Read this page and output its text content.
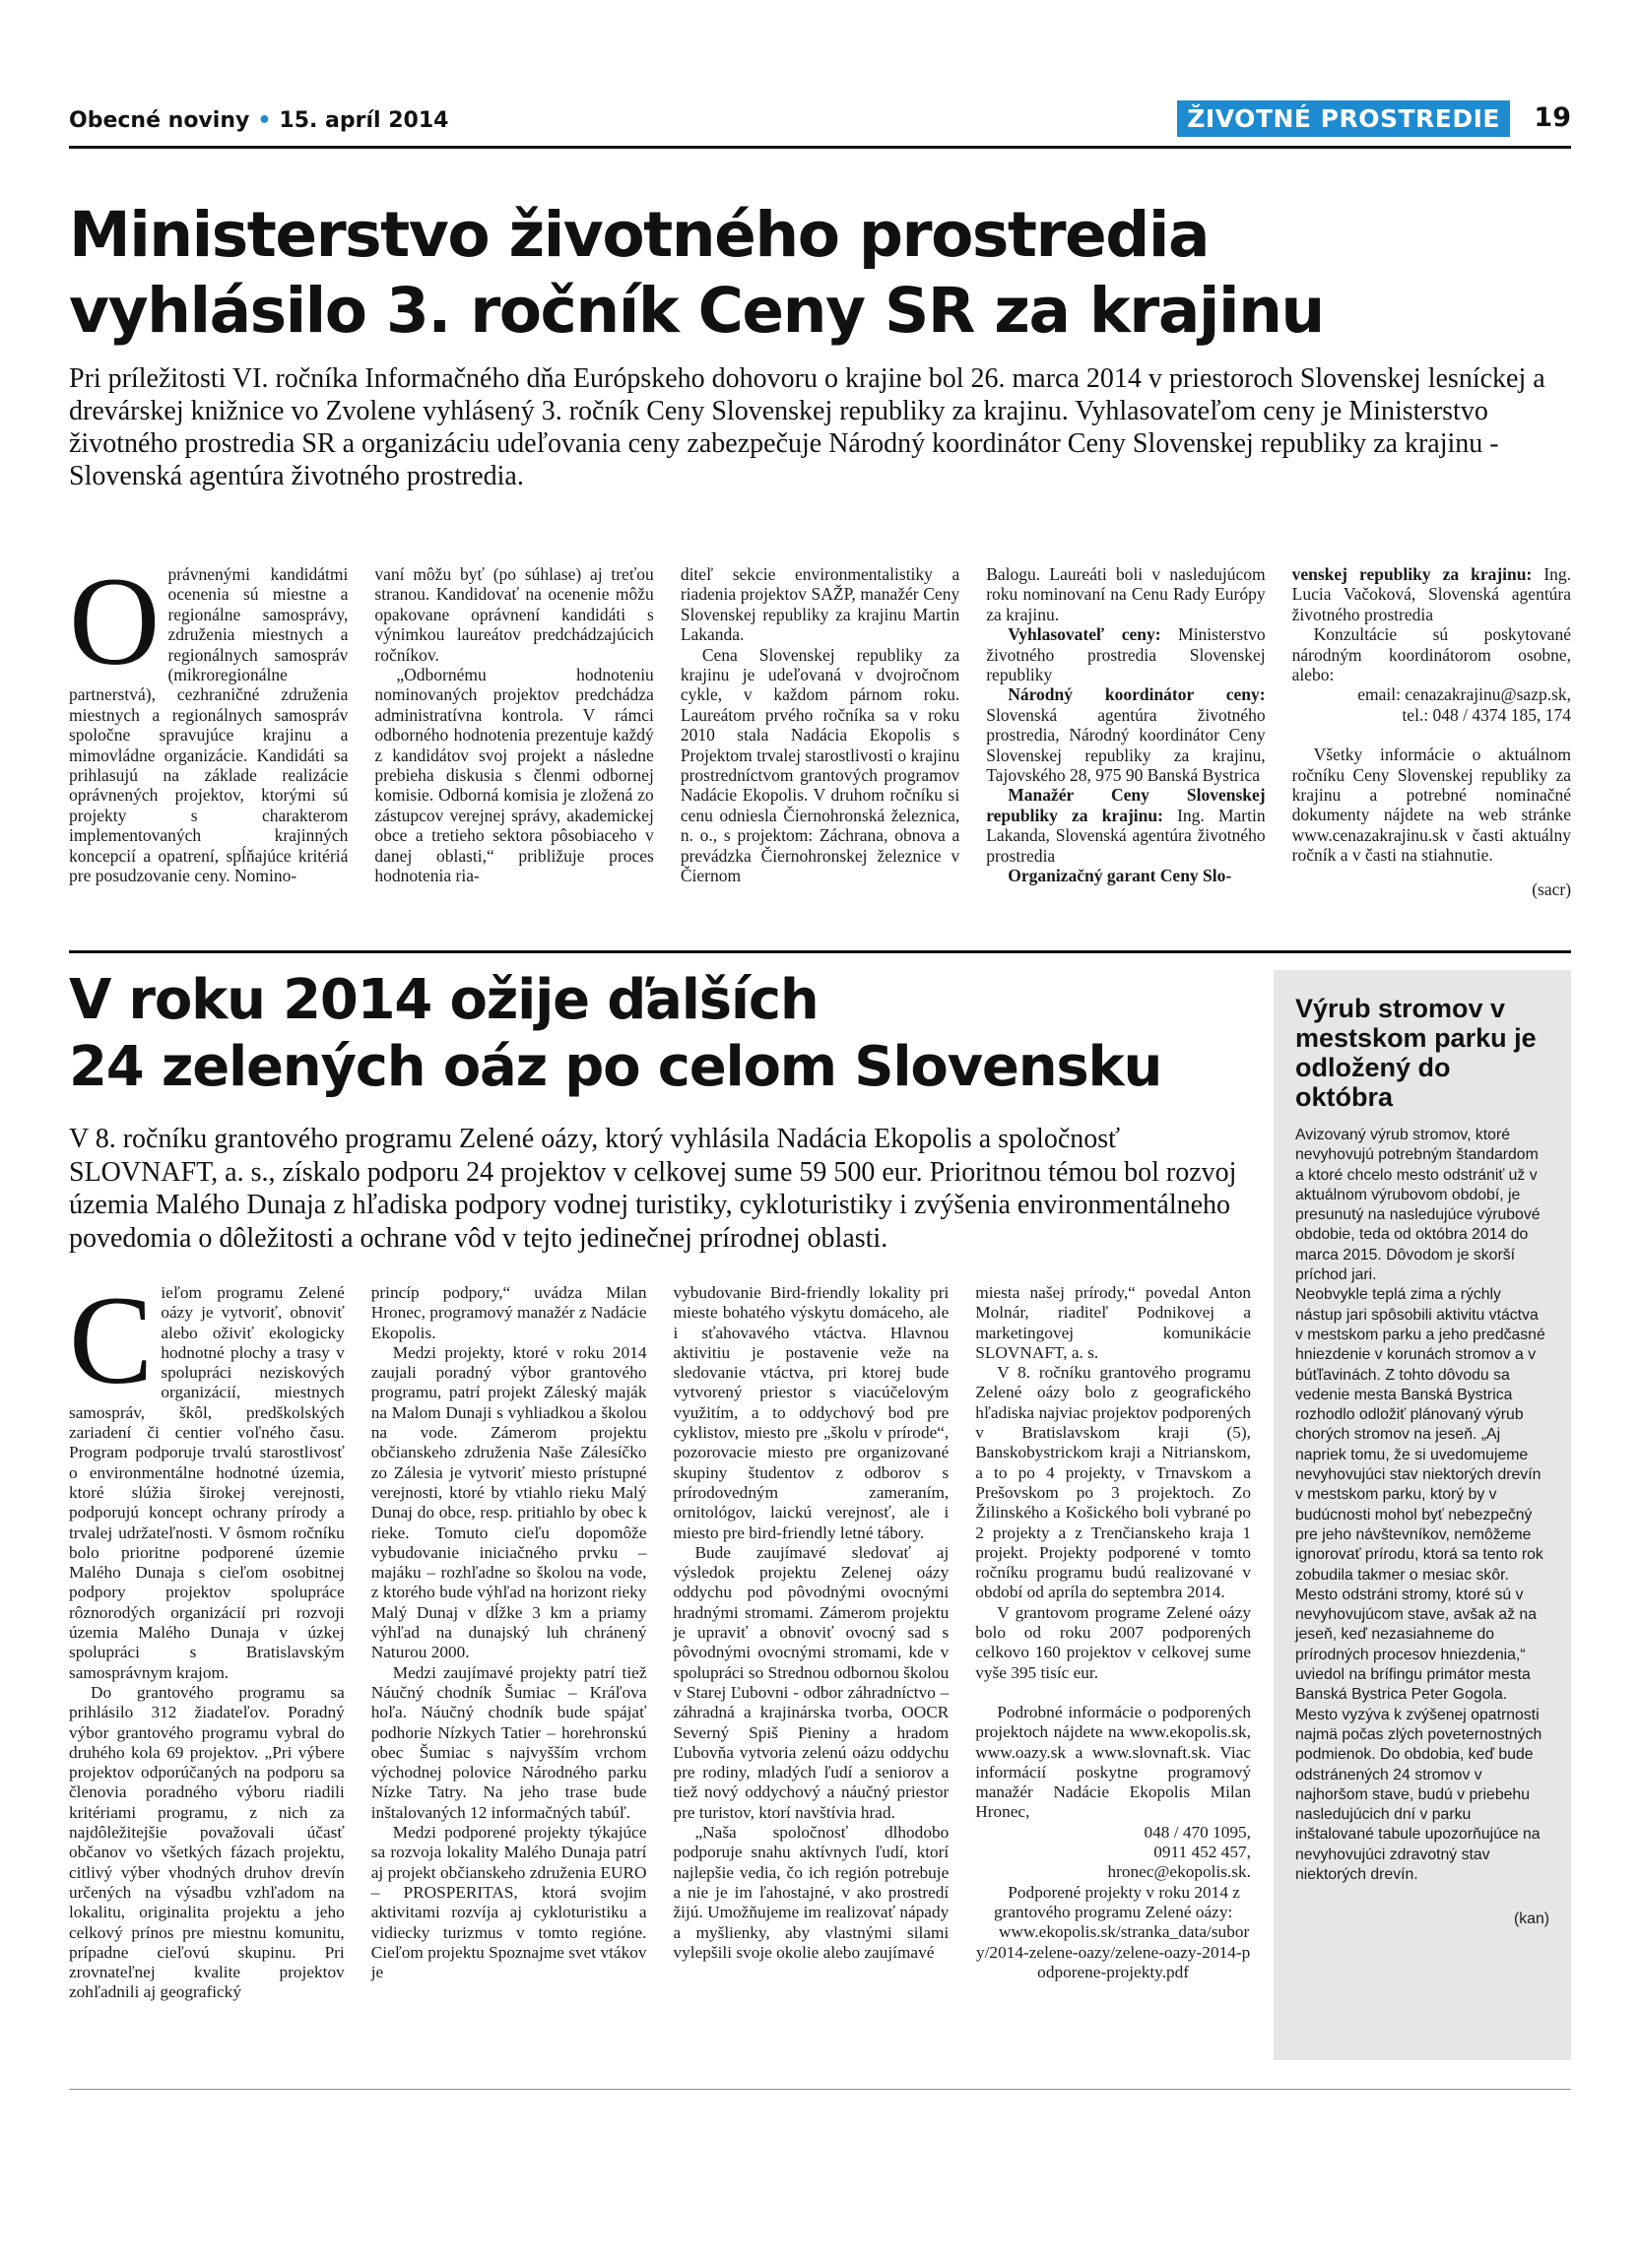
Obecné noviny • 15. apríl 2014	ŽIVOTNÉ PROSTREDIE	19
Ministerstvo životného prostredia
vyhlásilo 3. ročník Ceny SR za krajinu

Pri príležitosti VI. ročníka Informačného dňa Európskeho dohovoru o krajine bol 26. marca 2014 v priestoroch Slovenskej lesníckej a drevárskej knižnice vo Zvolene vyhlásený 3. ročník Ceny Slovenskej republiky za krajinu. Vyhlasovateľom ceny je Ministerstvo životného prostredia SR a organizáciu udeľovania ceny zabezpečuje Národný koordinátor Ceny Slovenskej republiky za krajinu - Slovenská agentúra životného prostredia.

O právnenými kandidátmi ocenenia sú miestne a regionálne samosprávy, združenia miestnych a regionálnych samospráv (mikroregionálne partnerstvá), cezhraničné združenia miestnych a regionálnych samospráv spoločne spravujúce krajinu a mimovládne organizácie. Kandidáti sa prihlasujú na základe realizácie oprávnených projektov, ktorými sú projekty s charakterom implementovaných krajinných koncepcií a opatrení, spĺňajúce kritériá pre posudzovanie ceny. Nomino-

vaní môžu byť (po súhlase) aj treťou stranou. Kandidovať na ocenenie môžu opakovane oprávnení kandidáti s výnimkou laureátov predchádzajúcich ročníkov.

„Odbornému hodnoteniu nominovaných projektov predchádza administratívna kontrola. V rámci odborného hodnotenia prezentuje každý z kandidátov svoj projekt a následne prebieha diskusia s členmi odbornej komisie. Odborná komisia je zložená zo zástupcov verejnej správy, akademickej obce a tretieho sektora pôsobiaceho v danej oblasti,“ približuje proces hodnotenia ria-

diteľ sekcie environmentalistiky a riadenia projektov SAŽP, manažér Ceny Slovenskej republiky za krajinu Martin Lakanda.

Cena Slovenskej republiky za krajinu je udeľovaná v dvojročnom cykle, v každom párnom roku. Laureátom prvého ročníka sa v roku 2010 stala Nadácia Ekopolis s Projektom trvalej starostlivosti o krajinu prostredníctvom grantových programov Nadácie Ekopolis. V druhom ročníku si cenu odniesla Čiernohronská železnica, n. o., s projektom: Záchrana, obnova a prevádzka Čiernohronskej železnice v Čiernom

Balogu. Laureáti boli v nasledujúcom roku nominovaní na Cenu Rady Európy za krajinu.

Vyhlasovateľ ceny: Ministerstvo životného prostredia Slovenskej republiky

Národný koordinátor ceny: Slovenská agentúra životného prostredia, Národný koordinátor Ceny Slovenskej republiky za krajinu, Tajovského 28, 975 90 Banská Bystrica

Manažér Ceny Slovenskej republiky za krajinu: Ing. Martin Lakanda, Slovenská agentúra životného prostredia

Organizačný garant Ceny Slo-

venskej republiky za krajinu: Ing. Lucia Vačoková, Slovenská agentúra životného prostredia

Konzultácie sú poskytované národným koordinátorom osobne, alebo:

email: cenazakrajinu@sazp.sk,

tel.: 048 / 4374 185, 174

Všetky informácie o aktuálnom ročníku Ceny Slovenskej republiky za krajinu a potrebné nominačné dokumenty nájdete na web stránke www.cenazakrajinu.sk v časti aktuálny ročník a v časti na stiahnutie.

(sacr)

V roku 2014 ožije ďalších
24 zelených oáz po celom Slovensku

V 8. ročníku grantového programu Zelené oázy, ktorý vyhlásila Nadácia Ekopolis a spoločnosť SLOVNAFT, a. s., získalo podporu 24 projektov v celkovej sume 59 500 eur. Prioritnou témou bol rozvoj územia Malého Dunaja z hľadiska podpory vodnej turistiky, cykloturistiky i zvýšenia environmentálneho povedomia o dôležitosti a ochrane vôd v tejto jedinečnej prírodnej oblasti.

C ieľom programu Zelené oázy je vytvoriť, obnoviť alebo oživiť ekologicky hodnotné plochy a trasy v spolupráci neziskových organizácií, miestnych samospráv, škôl, predškolských zariadení či centier voľného času. Program podporuje trvalú starostlivosť o environmentálne hodnotné územia, ktoré slúžia širokej verejnosti, podporujú koncept ochrany prírody a trvalej udržateľnosti. V ôsmom ročníku bolo prioritne podporené územie Malého Dunaja s cieľom osobitnej podpory projektov spolupráce rôznorodých organizácií pri rozvoji územia Malého Dunaja v úzkej spolupráci s Bratislavským samosprávnym krajom.

Do grantového programu sa prihlásilo 312 žiadateľov. Poradný výbor grantového programu vybral do druhého kola 69 projektov. „Pri výbere projektov odporúčaných na podporu sa členovia poradného výboru riadili kritériami programu, z nich za najdôležitejšie považovali účasť občanov vo všetkých fázach projektu, citlivý výber vhodných druhov drevín určených na výsadbu vzhľadom na lokalitu, originalita projektu a jeho celkový prínos pre miestnu komunitu, prípadne cieľovú skupinu. Pri zrovnateľnej kvalite projektov zohľadnili aj geografický

princíp podpory,“ uvádza Milan Hronec, programový manažér z Nadácie Ekopolis.

Medzi projekty, ktoré v roku 2014 zaujali poradný výbor grantového programu, patrí projekt Záleský maják na Malom Dunaji s vyhliadkou a školou na vode. Zámerom projektu občianskeho združenia Naše Zálesíčko zo Zálesia je vytvoriť miesto prístupné verejnosti, ktoré by vtiahlo rieku Malý Dunaj do obce, resp. pritiahlo by obec k rieke. Tomuto cieľu dopomôže vybudovanie iniciačného prvku – majáku – rozhľadne so školou na vode, z ktorého bude výhľad na horizont rieky Malý Dunaj v dĺžke 3 km a priamy výhľad na dunajský luh chránený Naturou 2000.

Medzi zaujímavé projekty patrí tiež Náučný chodník Šumiac – Kráľova hoľa. Náučný chodník bude spájať podhorie Nízkych Tatier – horehronskú obec Šumiac s najvyšším vrchom východnej polovice Národného parku Nízke Tatry. Na jeho trase bude inštalovaných 12 informačných tabúľ.

Medzi podporené projekty týkajúce sa rozvoja lokality Malého Dunaja patrí aj projekt občianskeho združenia EURO – PROSPERITAS, ktorá svojim aktivitami rozvíja aj cykloturistiku a vidiecky turizmus v tomto regióne. Cieľom projektu Spoznajme svet vtákov je

vybudovanie Bird-friendly lokality pri mieste bohatého výskytu domáceho, ale i sťahovavého vtáctva. Hlavnou aktivitiu je postavenie veže na sledovanie vtáctva, pri ktorej bude vytvorený priestor s viacúčelovým využitím, a to oddychový bod pre cyklistov, miesto pre „školu v prírode“, pozorovacie miesto pre organizované skupiny študentov z odborov s prírodovedným zameraním, ornitológov, laickú verejnosť, ale i miesto pre bird-friendly letné tábory.

Bude zaujímavé sledovať aj výsledok projektu Zelenej oázy oddychu pod pôvodnými ovocnými hradnými stromami. Zámerom projektu je upraviť a obnoviť ovocný sad s pôvodnými ovocnými stromami, kde v spolupráci so Strednou odbornou školou v Starej Ľubovni - odbor záhradníctvo – záhradná a krajinárska tvorba, OOCR Severný Spiš Pieniny a hradom Ľubovňa vytvoria zelenú oázu oddychu pre rodiny, mladých ľudí a seniorov a tiež nový oddychový a náučný priestor pre turistov, ktorí navštívia hrad.

„Naša spoločnosť dlhodobo podporuje snahu aktívnych ľudí, ktorí najlepšie vedia, čo ich región potrebuje a nie je im ľahostajné, v ako prostredí žijú. Umožňujeme im realizovať nápady a myšlienky, aby vlastnými silami vylepšili svoje okolie alebo zaujímavé

miesta našej prírody,“ povedal Anton Molnár, riaditeľ Podnikovej a marketingovej komunikácie SLOVNAFT, a. s.

V 8. ročníku grantového programu Zelené oázy bolo z geografického hľadiska najviac projektov podporených v Bratislavskom kraji (5), Banskobystrickom kraji a Nitrianskom, a to po 4 projekty, v Trnavskom a Prešovskom po 3 projektoch. Zo Žilinského a Košického boli vybrané po 2 projekty a z Trenčianskeho kraja 1 projekt. Projekty podporené v tomto ročníku programu budú realizované v období od apríla do septembra 2014.

V grantovom programe Zelené oázy bolo od roku 2007 podporených celkovo 160 projektov v celkovej sume vyše 395 tisíc eur.

Podrobné informácie o podporených projektoch nájdete na www.ekopolis.sk, www.oazy.sk a www.slovnaft.sk. Viac informácií poskytne programový manažér Nadácie Ekopolis Milan Hronec,

048 / 470 1095,

0911 452 457,

hronec@ekopolis.sk.

Podporené projekty v roku 2014 z grantového programu Zelené oázy:

www.ekopolis.sk/stranka_data/subory/2014-zelene-oazy/zelene-oazy-2014-podporene-projekty.pdf

Výrub stromov v mestskom parku je odložený do októbra

Avizovaný výrub stromov, ktoré nevyhovujú potrebným štandardom a ktoré chcelo mesto odstrániť už v aktuálnom výrubovom období, je presunutý na nasledujúce výrubové obdobie, teda od októbra 2014 do marca 2015. Dôvodom je skorší príchod jari.

Neobvykle teplá zima a rýchly nástup jari spôsobili aktivitu vtáctva v mestskom parku a jeho predčasné hniezdenie v korunách stromov a v búťľavinách. Z tohto dôvodu sa vedenie mesta Banská Bystrica rozhodlo odložiť plánovaný výrub chorých stromov na jeseň. „Aj napriek tomu, že si uvedomujeme nevyhovujúci stav niektorých drevín v mestskom parku, ktorý by v budúcnosti mohol byť nebezpečný pre jeho návštevníkov, nemôžeme ignorovať prírodu, ktorá sa tento rok zobudila takmer o mesiac skôr. Mesto odstráni stromy, ktoré sú v nevyhovujúcom stave, avšak až na jeseň, keď nezasiahneme do prírodných procesov hniezdenia,“ uviedol na brífingu primátor mesta Banská Bystrica Peter Gogola.

Mesto vyzýva k zvýšenej opatrnosti najmä počas zlých poveternostných podmienok. Do obdobia, keď bude odstránených 24 stromov v najhoršom stave, budú v priebehu nasledujúcich dní v parku inštalované tabule upozorňujúce na nevyhovujúci zdravotný stav niektorých drevín.

(kan)
